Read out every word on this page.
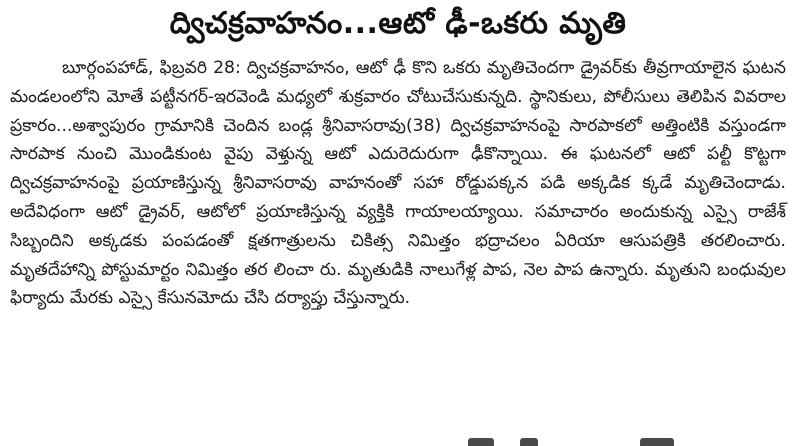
ద్విచక్రవాహనం...ఆటో ఢీ-ఒకరు మృతి

బూర్గంపహాడ్, ఫిబ్రవరి 28: ద్విచక్రవాహనం, ఆటో ఢీ కొని ఒకరు మృతిచెందగా డ్రైవర్‌కు తీవ్రగాయాలైన ఘటన మండలంలోని మోతే పట్టీనగర్-ఇరవెండి మధ్యలో శుక్రవారం చోటుచేసుకున్నది. స్థానికులు, పోలీసులు తెలిపిన వివరాల ప్రకారం...అశ్వాపురం గ్రామానికి చెందిన బండ్ల శ్రీనివాసరావు(38) ద్విచక్రవాహనంపై సారపాకలో అత్తింటికి వస్తుండగా సారపాక నుంచి మొండికుంట వైపు వెళ్తున్న ఆటో ఎదురెదురుగా ఢీకొన్నాయి. ఈ ఘటనలో ఆటో పల్టీ కొట్టగా ద్విచక్రవాహనంపై ప్రయాణిస్తున్న శ్రీనివాసరావు వాహనంతో సహా రోడ్డుపక్కన పడి అక్కడిక క్కడే మృతిచెందాడు. అదేవిధంగా ఆటో డ్రైవర్, ఆటోలో ప్రయాణిస్తున్న వ్యక్తికి గాయాలయ్యాయి. సమాచారం అందుకున్న ఎస్సై రాజేశ్ సిబ్బందిని అక్కడకు పంపడంతో క్షతగాత్రులను చికిత్స నిమిత్తం భద్రాచలం ఏరియా ఆసుపత్రికి తరలించారు. మృతదేహాన్ని పోస్టుమార్టం నిమిత్తం తర లించా రు. మృతుడికి నాలుగేళ్ల పాప, నెల పాప ఉన్నారు. మృతుని బంధువుల ఫిర్యాదు మేరకు ఎస్సై కేసునమోదు చేసి దర్యాప్తు చేస్తున్నారు.
